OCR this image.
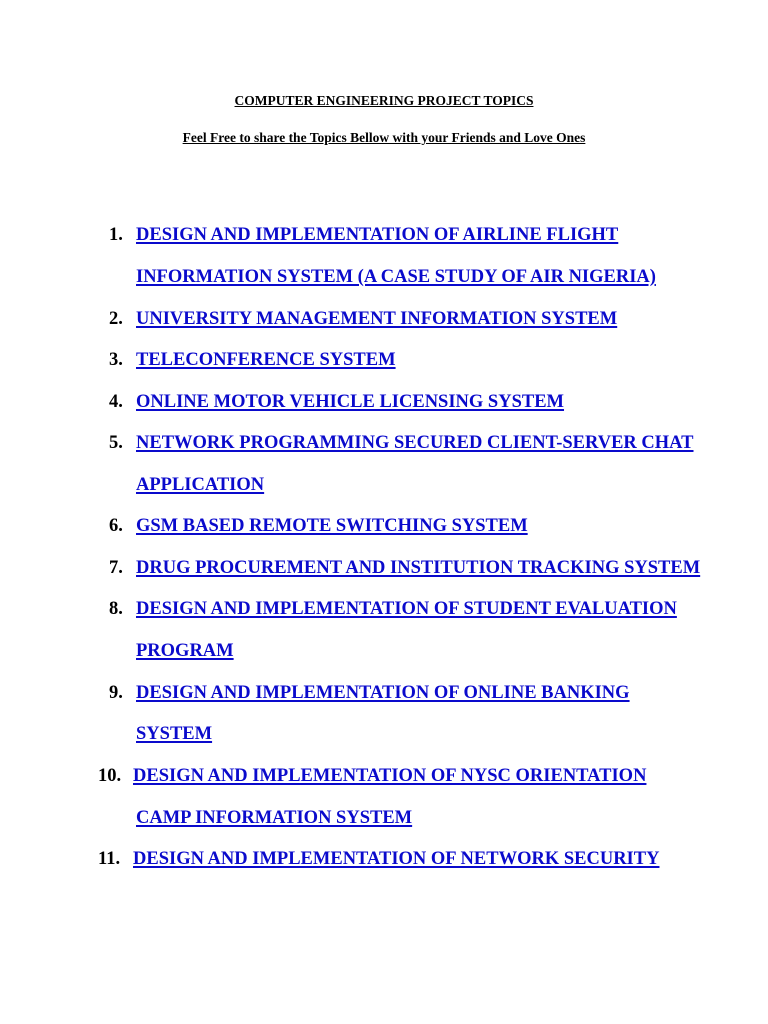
COMPUTER ENGINEERING PROJECT TOPICS
Feel Free to share the Topics Bellow with your Friends and Love Ones
1. DESIGN AND IMPLEMENTATION OF AIRLINE FLIGHT
INFORMATION SYSTEM (A CASE STUDY OF AIR NIGERIA)
2. UNIVERSITY MANAGEMENT INFORMATION SYSTEM
3. TELECONFERENCE SYSTEM
4. ONLINE MOTOR VEHICLE LICENSING SYSTEM
5. NETWORK PROGRAMMING SECURED CLIENT-SERVER CHAT
APPLICATION
6. GSM BASED REMOTE SWITCHING SYSTEM
7. DRUG PROCUREMENT AND INSTITUTION TRACKING SYSTEM
8. DESIGN AND IMPLEMENTATION OF STUDENT EVALUATION
PROGRAM
9. DESIGN AND IMPLEMENTATION OF ONLINE BANKING
SYSTEM
10. DESIGN AND IMPLEMENTATION OF NYSC ORIENTATION
CAMP INFORMATION SYSTEM
11. DESIGN AND IMPLEMENTATION OF NETWORK SECURITY
